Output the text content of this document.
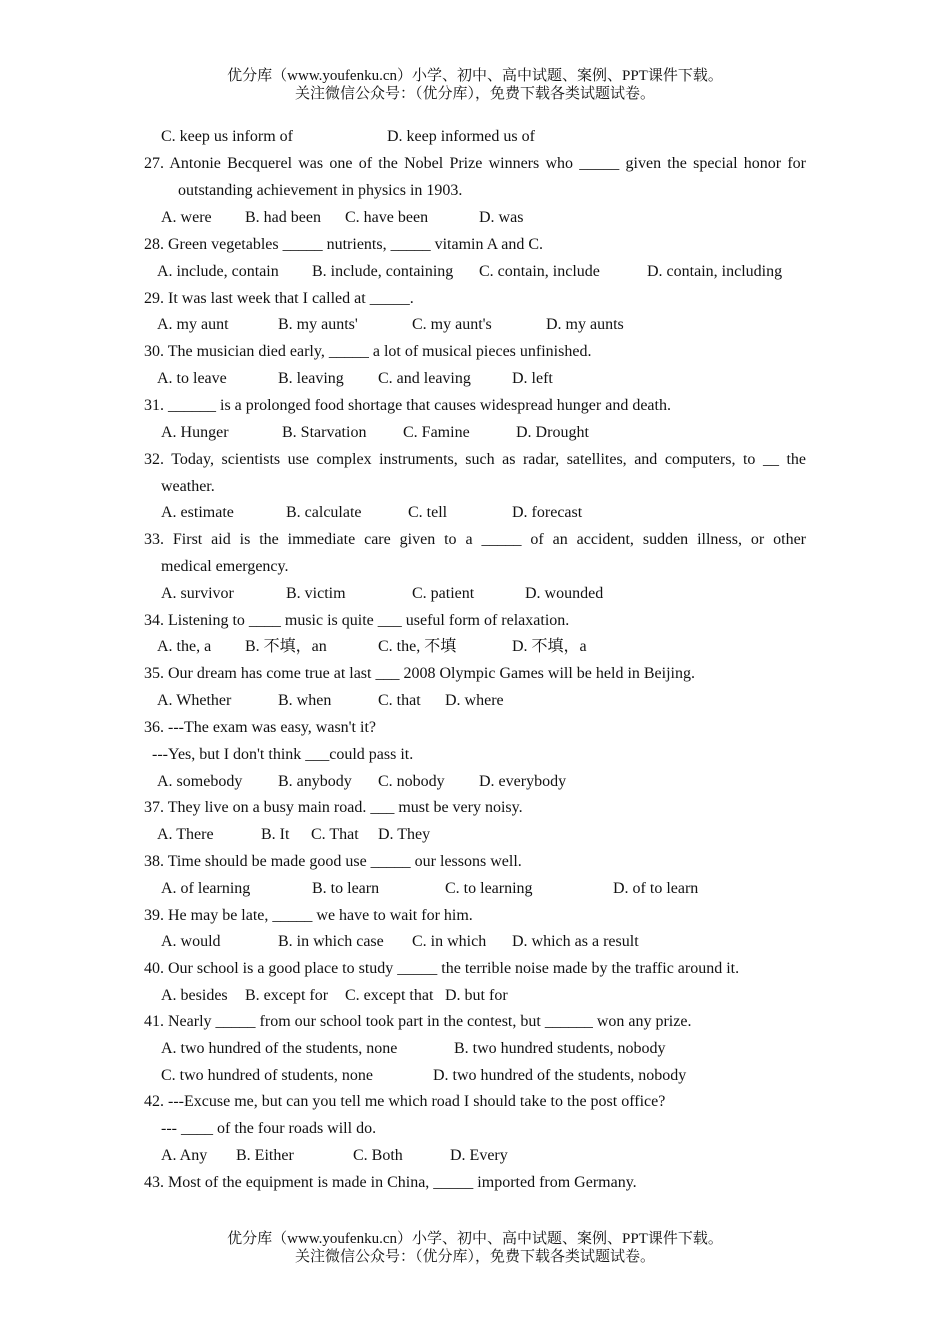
优分库（www.youfenku.cn）小学、初中、高中试题、案例、PPT课件下载。
关注微信公众号：（优分库），免费下载各类试题试卷。
C. keep us inform of	D. keep informed us of
27. Antonie Becquerel was one of the Nobel Prize winners who _____ given the special honor for
outstanding achievement in physics in 1903.
A. were B. had been C. have been	D. was
28. Green vegetables _____ nutrients, _____ vitamin A and C.
A. include, contain B. include, containing C. contain, include	D. contain, including
29. It was last week that I called at _____.
A. my aunt	B. my aunts'	C. my aunt's	D. my aunts
30. The musician died early, _____ a lot of musical pieces unfinished.
A. to leave	B. leaving C. and leaving	D. left
31. ______ is a prolonged food shortage that causes widespread hunger and death.
A. Hunger	B. Starvation C. Famine	D. Drought
32. Today, scientists use complex instruments, such as radar, satellites, and computers, to __ the
weather.
A. estimate	B. calculate	C. tell	D. forecast
33. First aid is the immediate care given to a _____ of an accident, sudden illness, or other
medical emergency.
A. survivor	B. victim	C. patient	D. wounded
34. Listening to ____ music is quite ___ useful form of relaxation.
A. the, a B. 不填，an	C. the, 不填	D. 不填，a
35. Our dream has come true at last ___ 2008 Olympic Games will be held in Beijing.
A. Whether	B. when	C. that D. where
36. ---The exam was easy, wasn't it?
---Yes, but I don't think ___could pass it.
A. somebody B. anybody C. nobody D. everybody
37. They live on a busy main road. ___ must be very noisy.
A. There	B. It C. That D. They
38. Time should be made good use _____ our lessons well.
A. of learning	B. to learn	C. to learning	D. of to learn
39. He may be late, _____ we have to wait for him.
A. would	B. in which case C. in which D. which as a result
40. Our school is a good place to study _____ the terrible noise made by the traffic around it.
A. besides B. except for C. except that D. but for
41. Nearly _____ from our school took part in the contest, but ______ won any prize.
A. two hundred of the students, none	B. two hundred students, nobody
C. two hundred of students, none	D. two hundred of the students, nobody
42. ---Excuse me, but can you tell me which road I should take to the post office?
--- ____ of the four roads will do.
A. Any B. Either	C. Both	D. Every
43. Most of the equipment is made in China, _____ imported from Germany.
优分库（www.youfenku.cn）小学、初中、高中试题、案例、PPT课件下载。
关注微信公众号：（优分库），免费下载各类试题试卷。
